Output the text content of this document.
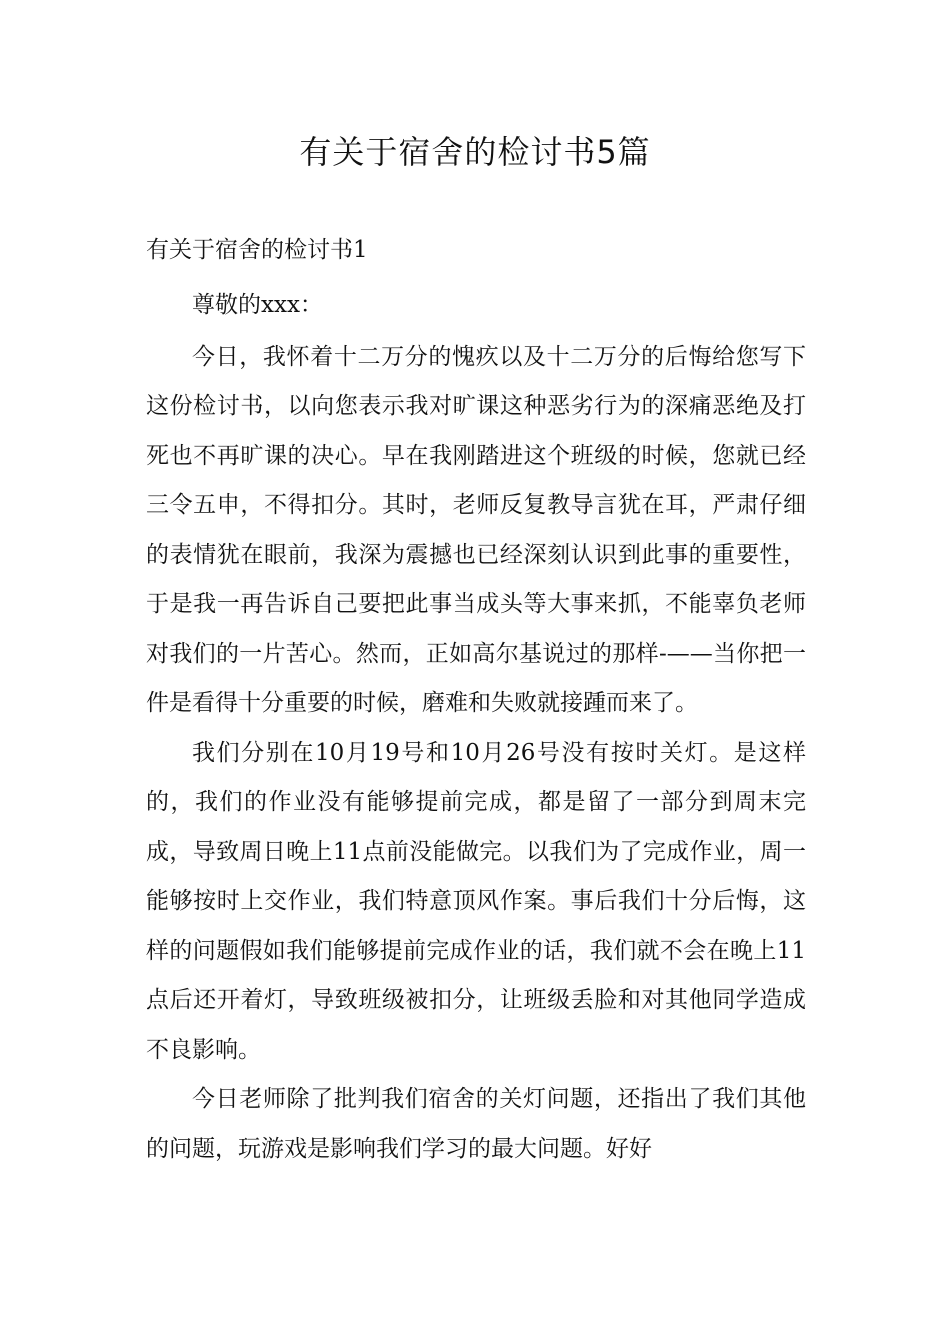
有关于宿舍的检讨书5篇
有关于宿舍的检讨书1

尊敬的xxx：

今日，我怀着十二万分的愧疚以及十二万分的后悔给您写下这份检讨书，以向您表示我对旷课这种恶劣行为的深痛恶绝及打死也不再旷课的决心。早在我刚踏进这个班级的时候，您就已经三令五申，不得扣分。其时，老师反复教导言犹在耳，严肃仔细的表情犹在眼前，我深为震撼也已经深刻认识到此事的重要性，于是我一再告诉自己要把此事当成头等大事来抓，不能辜负老师对我们的一片苦心。然而，正如高尔基说过的那样-——当你把一件是看得十分重要的时候，磨难和失败就接踵而来了。

我们分别在10月19号和10月26号没有按时关灯。是这样的，我们的作业没有能够提前完成，都是留了一部分到周末完成，导致周日晚上11点前没能做完。以我们为了完成作业，周一能够按时上交作业，我们特意顶风作案。事后我们十分后悔，这样的问题假如我们能够提前完成作业的话，我们就不会在晚上11点后还开着灯，导致班级被扣分，让班级丢脸和对其他同学造成不良影响。

今日老师除了批判我们宿舍的关灯问题，还指出了我们其他的问题，玩游戏是影响我们学习的最大问题。好好
